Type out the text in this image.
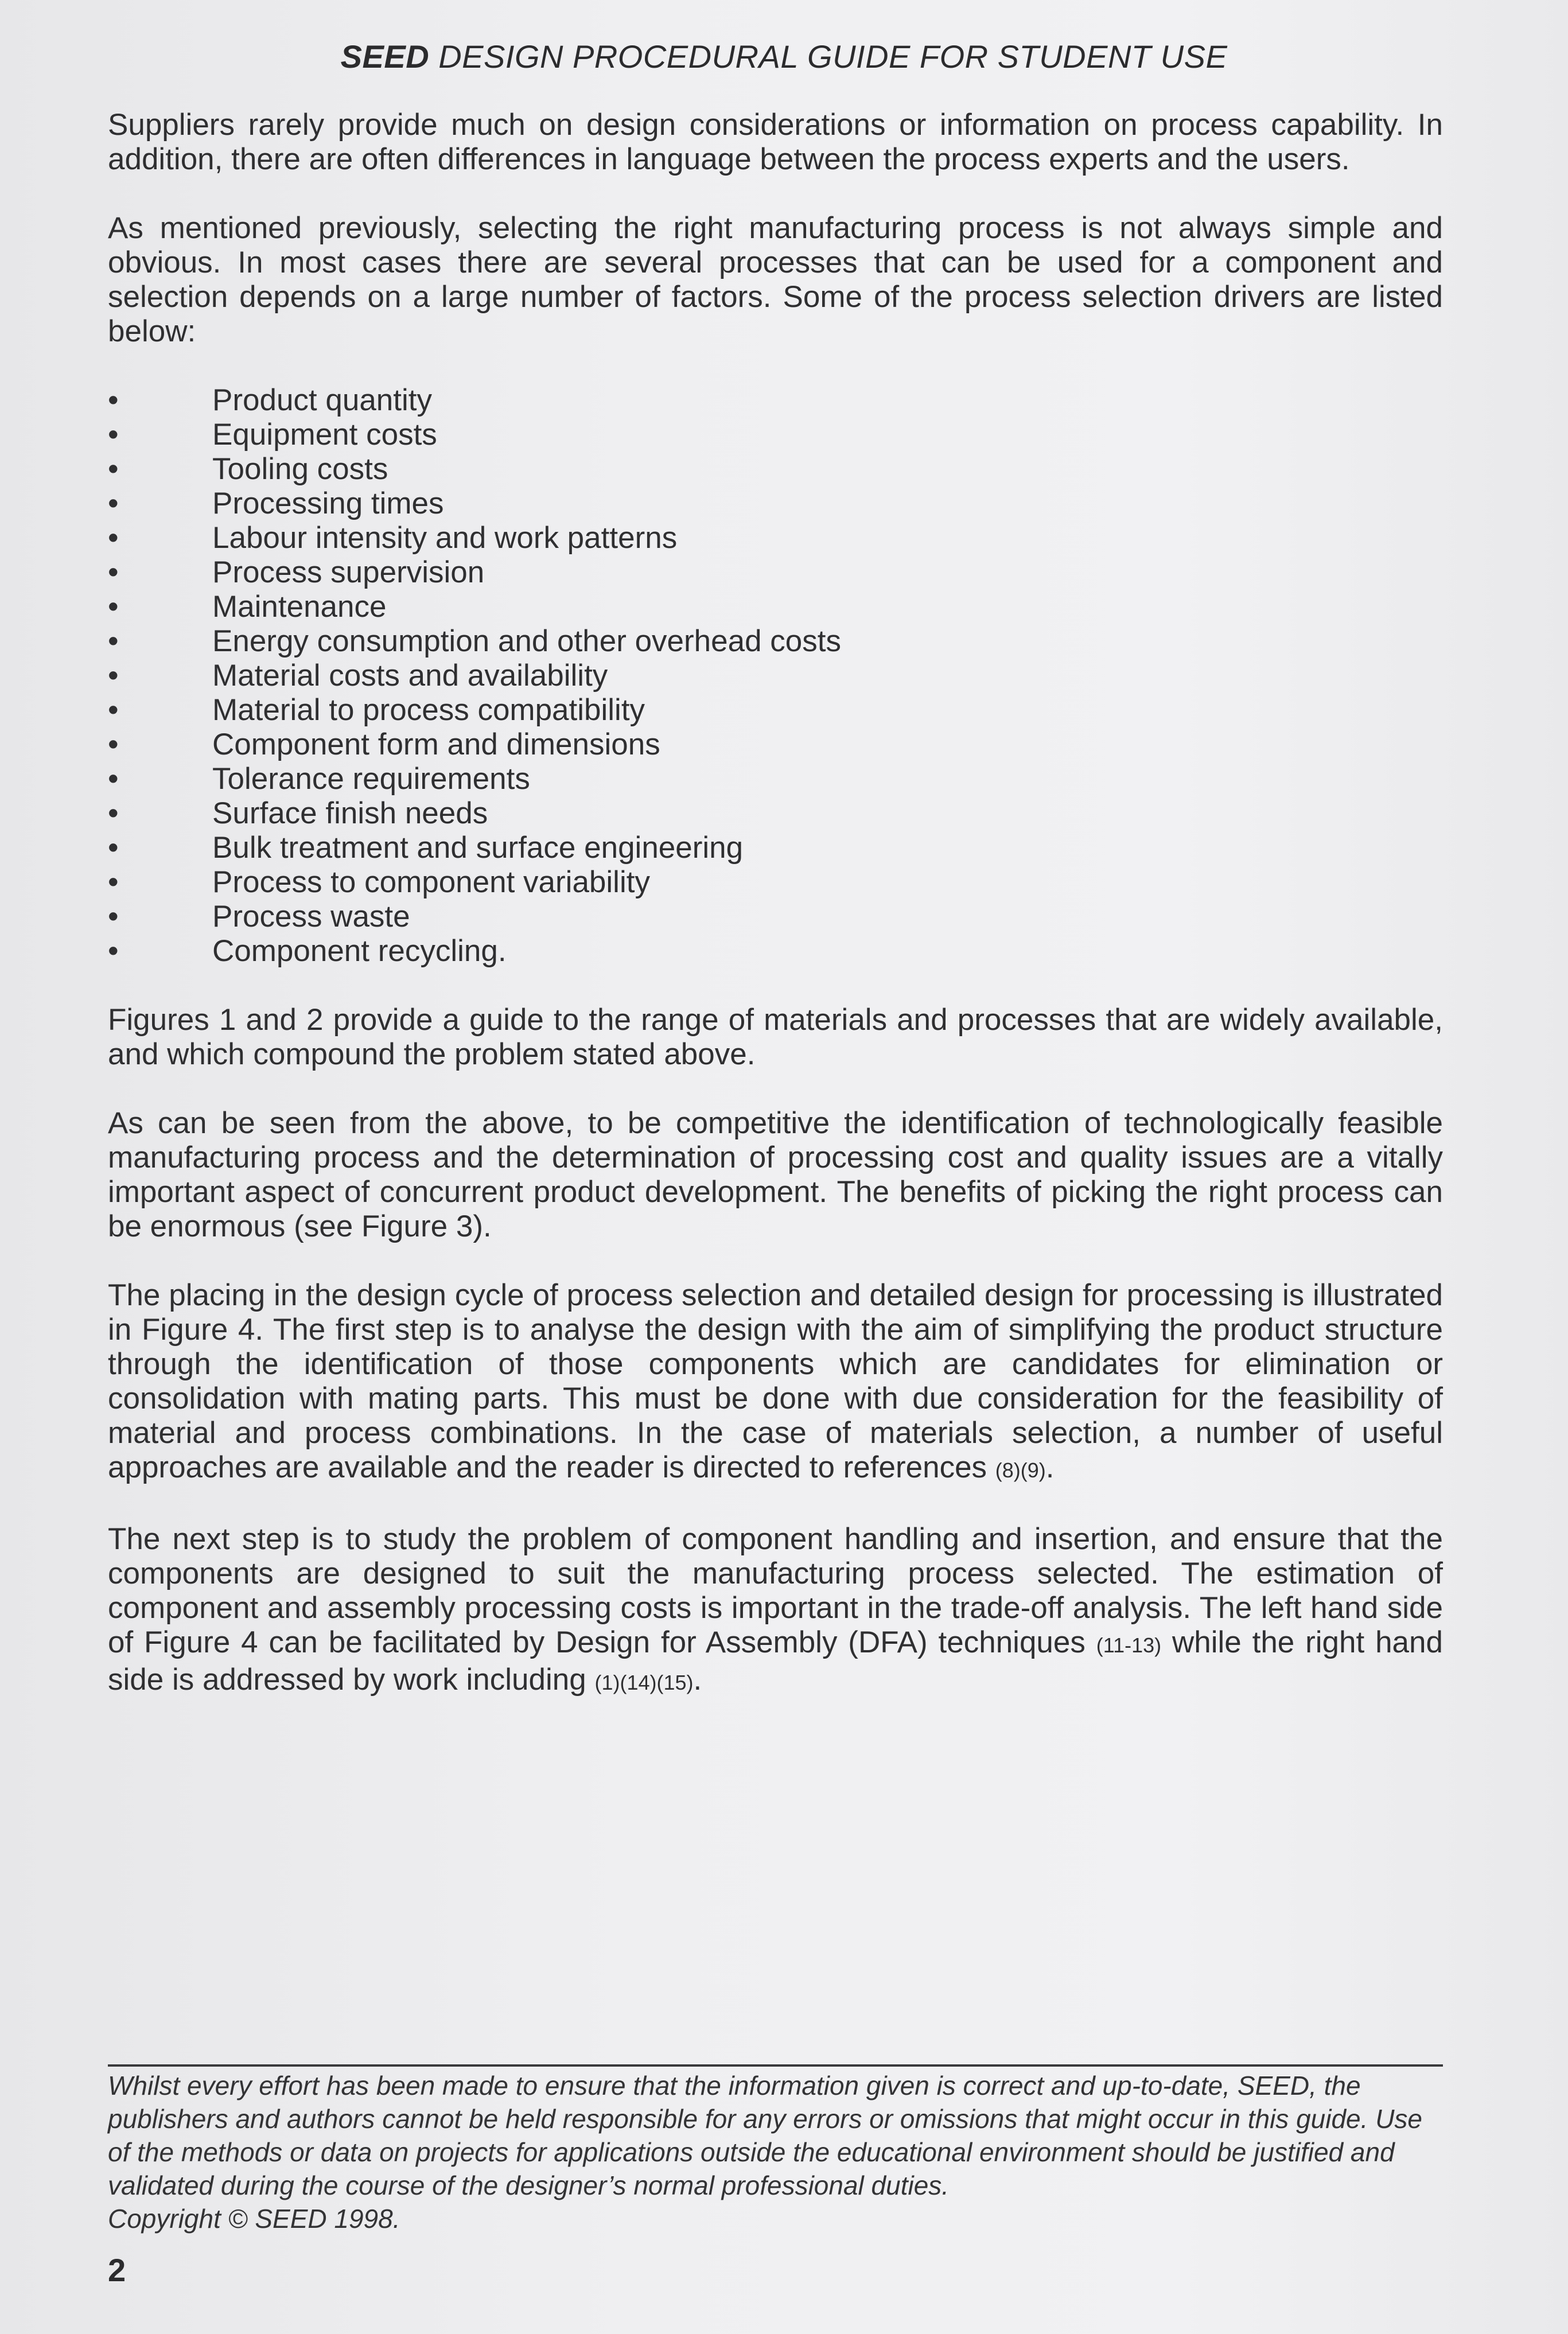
SEED DESIGN PROCEDURAL GUIDE FOR STUDENT USE

Suppliers rarely provide much on design considerations or information on process capability. In addition, there are often differences in language between the process experts and the users.

As mentioned previously, selecting the right manufacturing process is not always simple and obvious. In most cases there are several processes that can be used for a component and selection depends on a large number of factors. Some of the process selection drivers are listed below:

•	Product quantity
•	Equipment costs
•	Tooling costs
•	Processing times
•	Labour intensity and work patterns
•	Process supervision
•	Maintenance
•	Energy consumption and other overhead costs
•	Material costs and availability
•	Material to process compatibility
•	Component form and dimensions
•	Tolerance requirements
•	Surface finish needs
•	Bulk treatment and surface engineering
•	Process to component variability
•	Process waste
•	Component recycling.

Figures 1 and 2 provide a guide to the range of materials and processes that are widely available, and which compound the problem stated above.

As can be seen from the above, to be competitive the identification of technologically feasible manufacturing process and the determination of processing cost and quality issues are a vitally important aspect of concurrent product development. The benefits of picking the right process can be enormous (see Figure 3).

The placing in the design cycle of process selection and detailed design for processing is illustrated in Figure 4. The first step is to analyse the design with the aim of simplifying the product structure through the identification of those components which are candidates for elimination or consolidation with mating parts. This must be done with due consideration for the feasibility of material and process combinations. In the case of materials selection, a number of useful approaches are available and the reader is directed to references (8)(9).

The next step is to study the problem of component handling and insertion, and ensure that the components are designed to suit the manufacturing process selected. The estimation of component and assembly processing costs is important in the trade-off analysis. The left hand side of Figure 4 can be facilitated by Design for Assembly (DFA) techniques (11-13) while the right hand side is addressed by work including (1)(14)(15).

Whilst every effort has been made to ensure that the information given is correct and up-to-date, SEED, the publishers and authors cannot be held responsible for any errors or omissions that might occur in this guide. Use of the methods or data on projects for applications outside the educational environment should be justified and validated during the course of the designer’s normal professional duties.

Copyright © SEED 1998.

2
